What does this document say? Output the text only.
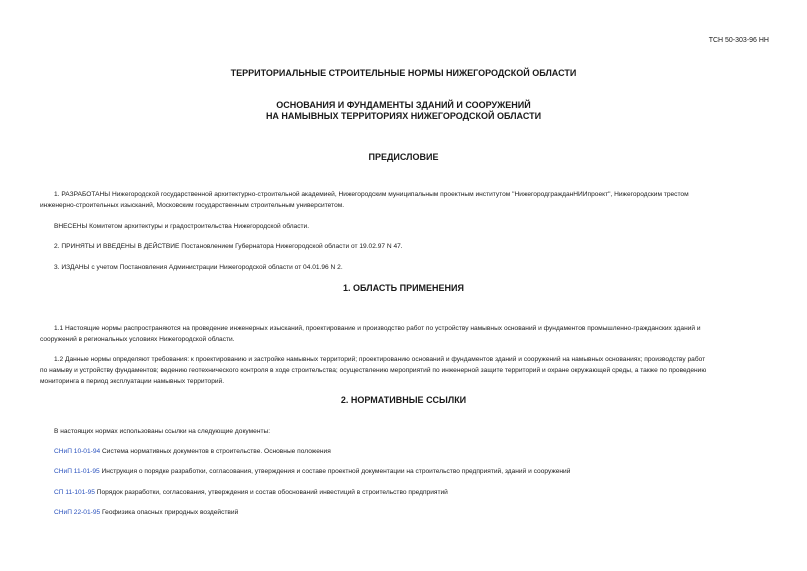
ТСН 50-303-96 НН
ТЕРРИТОРИАЛЬНЫЕ СТРОИТЕЛЬНЫЕ НОРМЫ НИЖЕГОРОДСКОЙ ОБЛАСТИ
ОСНОВАНИЯ И ФУНДАМЕНТЫ ЗДАНИЙ И СООРУЖЕНИЙ
НА НАМЫВНЫХ ТЕРРИТОРИЯХ НИЖЕГОРОДСКОЙ ОБЛАСТИ
ПРЕДИСЛОВИЕ
1. РАЗРАБОТАНЫ Нижегородской государственной архитектурно-строительной академией, Нижегородским муниципальным проектным институтом "НижегородгражданНИИпроект", Нижегородским трестом
инженерно-строительных изысканий, Московским государственным строительным университетом.
ВНЕСЕНЫ Комитетом архитектуры и градостроительства Нижегородской области.
2. ПРИНЯТЫ И ВВЕДЕНЫ В ДЕЙСТВИЕ Постановлением Губернатора Нижегородской области от 19.02.97 N 47.
3. ИЗДАНЫ с учетом Постановления Администрации Нижегородской области от 04.01.96 N 2.
1. ОБЛАСТЬ ПРИМЕНЕНИЯ
1.1 Настоящие нормы распространяются на проведение инженерных изысканий, проектирование и производство работ по устройству намывных оснований и фундаментов промышленно-гражданских зданий и
сооружений в региональных условиях Нижегородской области.
1.2 Данные нормы определяют требования: к проектированию и застройке намывных территорий; проектированию оснований и фундаментов зданий и сооружений на намывных основаниях; производству работ
по намыву и устройству фундаментов; ведению геотехнического контроля в ходе строительства; осуществлению мероприятий по инженерной защите территорий и охране окружающей среды, а также по проведению
мониторинга в период эксплуатации намывных территорий.
2. НОРМАТИВНЫЕ ССЫЛКИ
В настоящих нормах использованы ссылки на следующие документы:
СНиП 10-01-94 Система нормативных документов в строительстве. Основные положения
СНиП 11-01-95 Инструкция о порядке разработки, согласования, утверждения и составе проектной документации на строительство предприятий, зданий и сооружений
СП 11-101-95 Порядок разработки, согласования, утверждения и состав обоснований инвестиций в строительство предприятий
СНиП 22-01-95 Геофизика опасных природных воздействий
